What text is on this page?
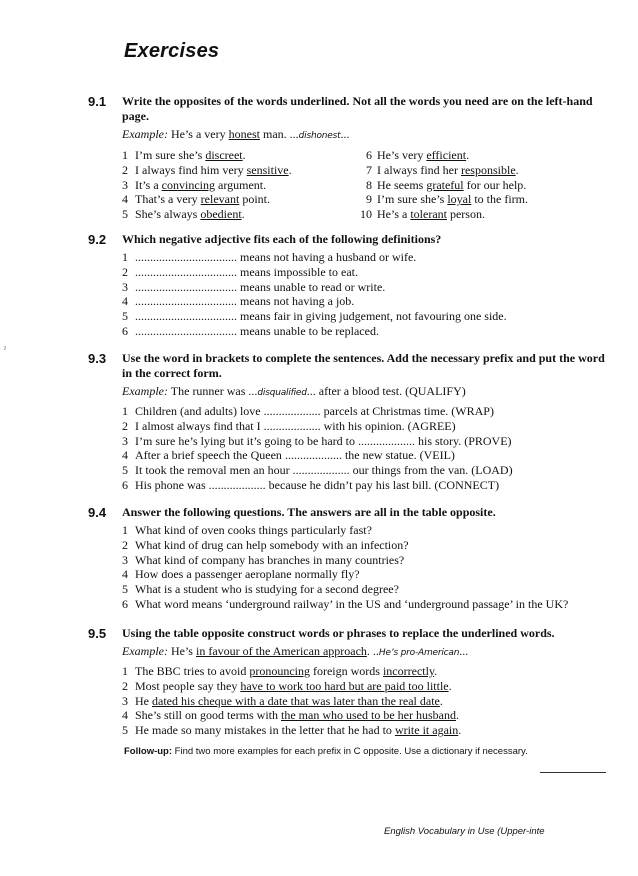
Exercises
ˀ
9.1 Write the opposites of the words underlined. Not all the words you need are on the left-hand page.
Example: He’s a very honest man. ...dishonest...
1 I’m sure she’s discreet.
2 I always find him very sensitive.
3 It’s a convincing argument.
4 That’s a very relevant point.
5 She’s always obedient.
6 He’s very efficient.
7 I always find her responsible.
8 He seems grateful for our help.
9 I’m sure she’s loyal to the firm.
10 He’s a tolerant person.
9.2 Which negative adjective fits each of the following definitions?
1 .................................. means not having a husband or wife.
2 .................................. means impossible to eat.
3 .................................. means unable to read or write.
4 .................................. means not having a job.
5 .................................. means fair in giving judgement, not favouring one side.
6 .................................. means unable to be replaced.
9.3 Use the word in brackets to complete the sentences. Add the necessary prefix and put the word in the correct form.
Example: The runner was ...disqualified... after a blood test. (QUALIFY)
1 Children (and adults) love ................... parcels at Christmas time. (WRAP)
2 I almost always find that I ................... with his opinion. (AGREE)
3 I’m sure he’s lying but it’s going to be hard to ................... his story. (PROVE)
4 After a brief speech the Queen ................... the new statue. (VEIL)
5 It took the removal men an hour ................... our things from the van. (LOAD)
6 His phone was ................... because he didn’t pay his last bill. (CONNECT)
9.4 Answer the following questions. The answers are all in the table opposite.
1 What kind of oven cooks things particularly fast?
2 What kind of drug can help somebody with an infection?
3 What kind of company has branches in many countries?
4 How does a passenger aeroplane normally fly?
5 What is a student who is studying for a second degree?
6 What word means ‘underground railway’ in the US and ‘underground passage’ in the UK?
9.5 Using the table opposite construct words or phrases to replace the underlined words.
Example: He’s in favour of the American approach. ..He’s pro-American...
1 The BBC tries to avoid pronouncing foreign words incorrectly.
2 Most people say they have to work too hard but are paid too little.
3 He dated his cheque with a date that was later than the real date.
4 She’s still on good terms with the man who used to be her husband.
5 He made so many mistakes in the letter that he had to write it again.
Follow-up: Find two more examples for each prefix in C opposite. Use a dictionary if necessary.
English Vocabulary in Use (Upper-inte
